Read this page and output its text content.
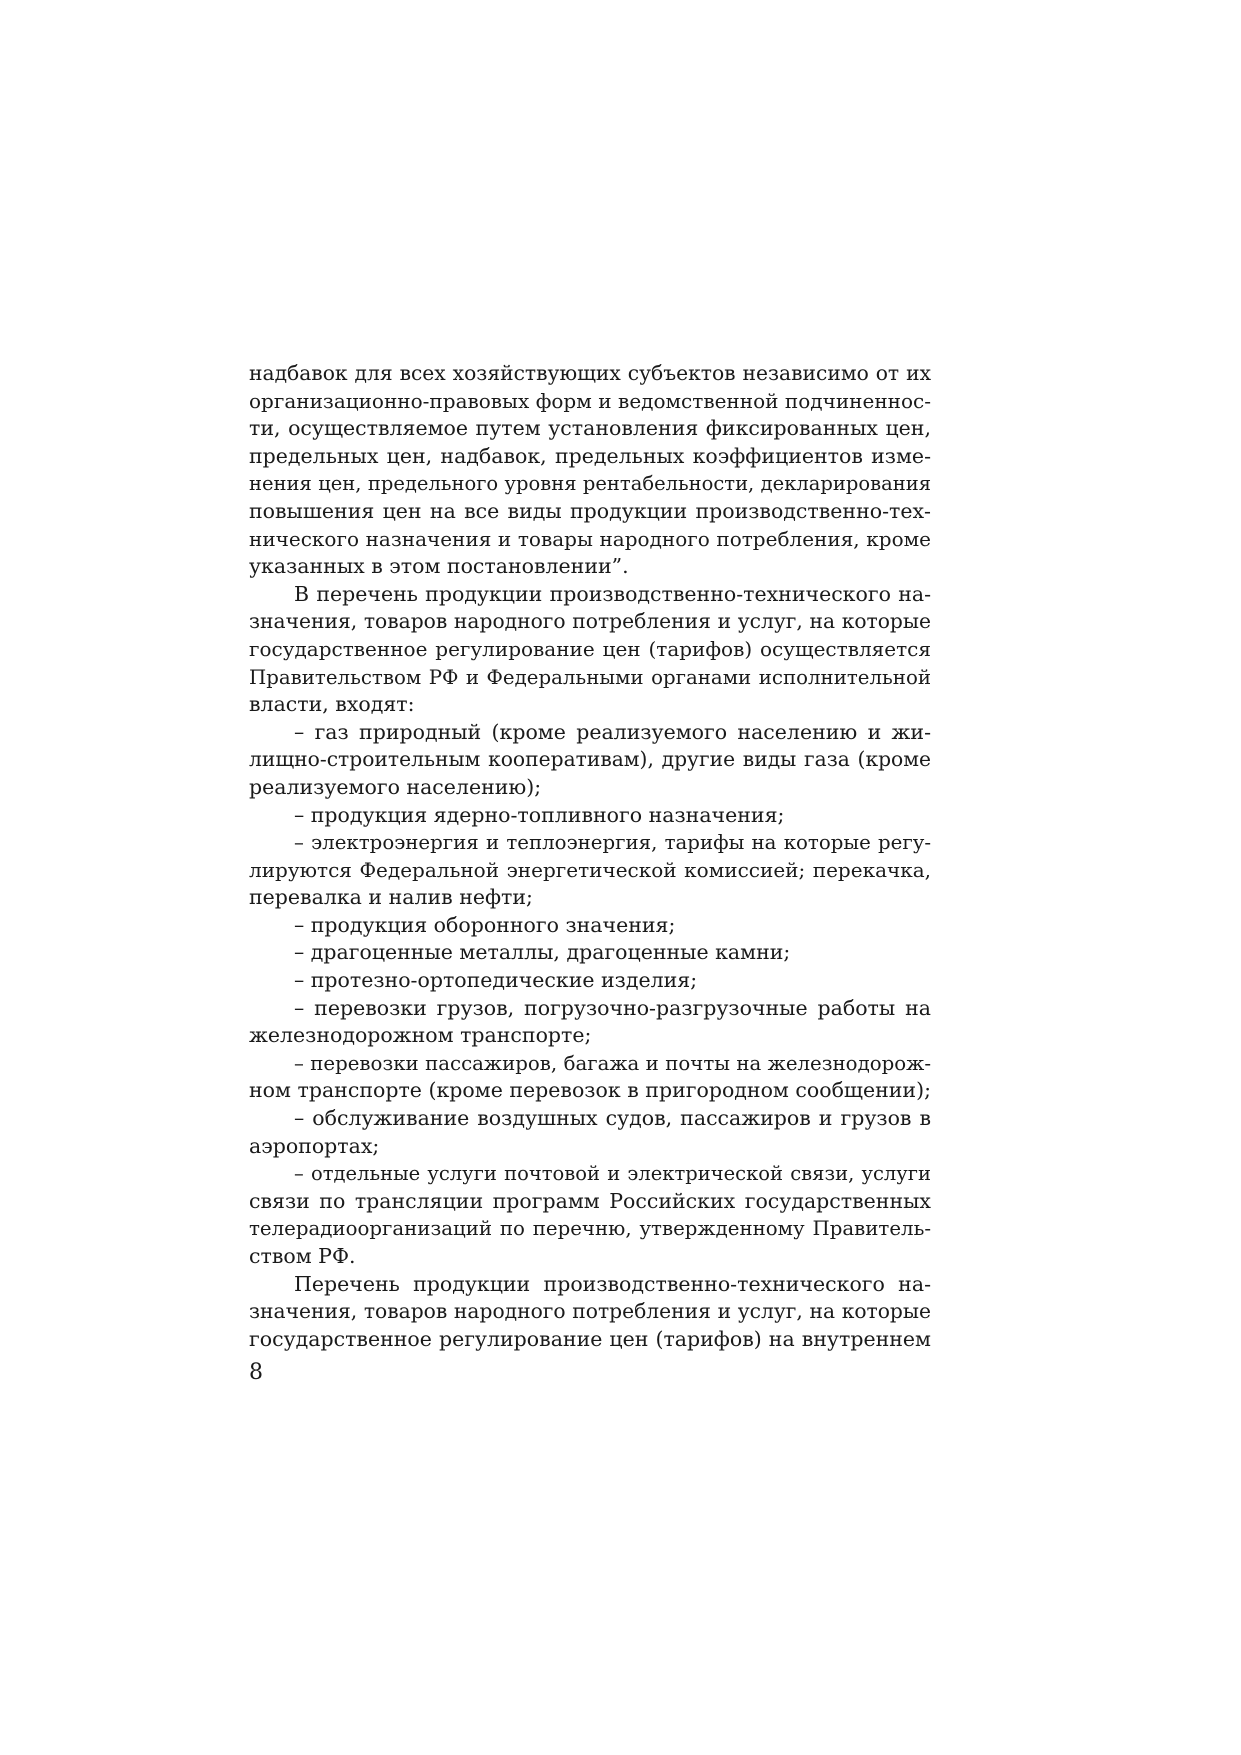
надбавок для всех хозяйствующих субъектов независимо от их
организационно-правовых форм и ведомственной подчиненнос-
ти, осуществляемое путем установления фиксированных цен,
предельных цен, надбавок, предельных коэффициентов изме-
нения цен, предельного уровня рентабельности, декларирования
повышения цен на все виды продукции производственно-тех-
нического назначения и товары народного потребления, кроме
указанных в этом постановлении”.
В перечень продукции производственно-технического на-
значения, товаров народного потребления и услуг, на которые
государственное регулирование цен (тарифов) осуществляется
Правительством РФ и Федеральными органами исполнительной
власти, входят:
– газ природный (кроме реализуемого населению и жи-
лищно-строительным кооперативам), другие виды газа (кроме
реализуемого населению);
– продукция ядерно-топливного назначения;
– электроэнергия и теплоэнергия, тарифы на которые регу-
лируются Федеральной энергетической комиссией; перекачка,
перевалка и налив нефти;
– продукция оборонного значения;
– драгоценные металлы, драгоценные камни;
– протезно-ортопедические изделия;
– перевозки грузов, погрузочно-разгрузочные работы на
железнодорожном транспорте;
– перевозки пассажиров, багажа и почты на железнодорож-
ном транспорте (кроме перевозок в пригородном сообщении);
– обслуживание воздушных судов, пассажиров и грузов в
аэропортах;
– отдельные услуги почтовой и электрической связи, услуги
связи по трансляции программ Российских государственных
телерадиоорганизаций по перечню, утвержденному Правитель-
ством РФ.
Перечень продукции производственно-технического на-
значения, товаров народного потребления и услуг, на которые
государственное регулирование цен (тарифов) на внутреннем
8
